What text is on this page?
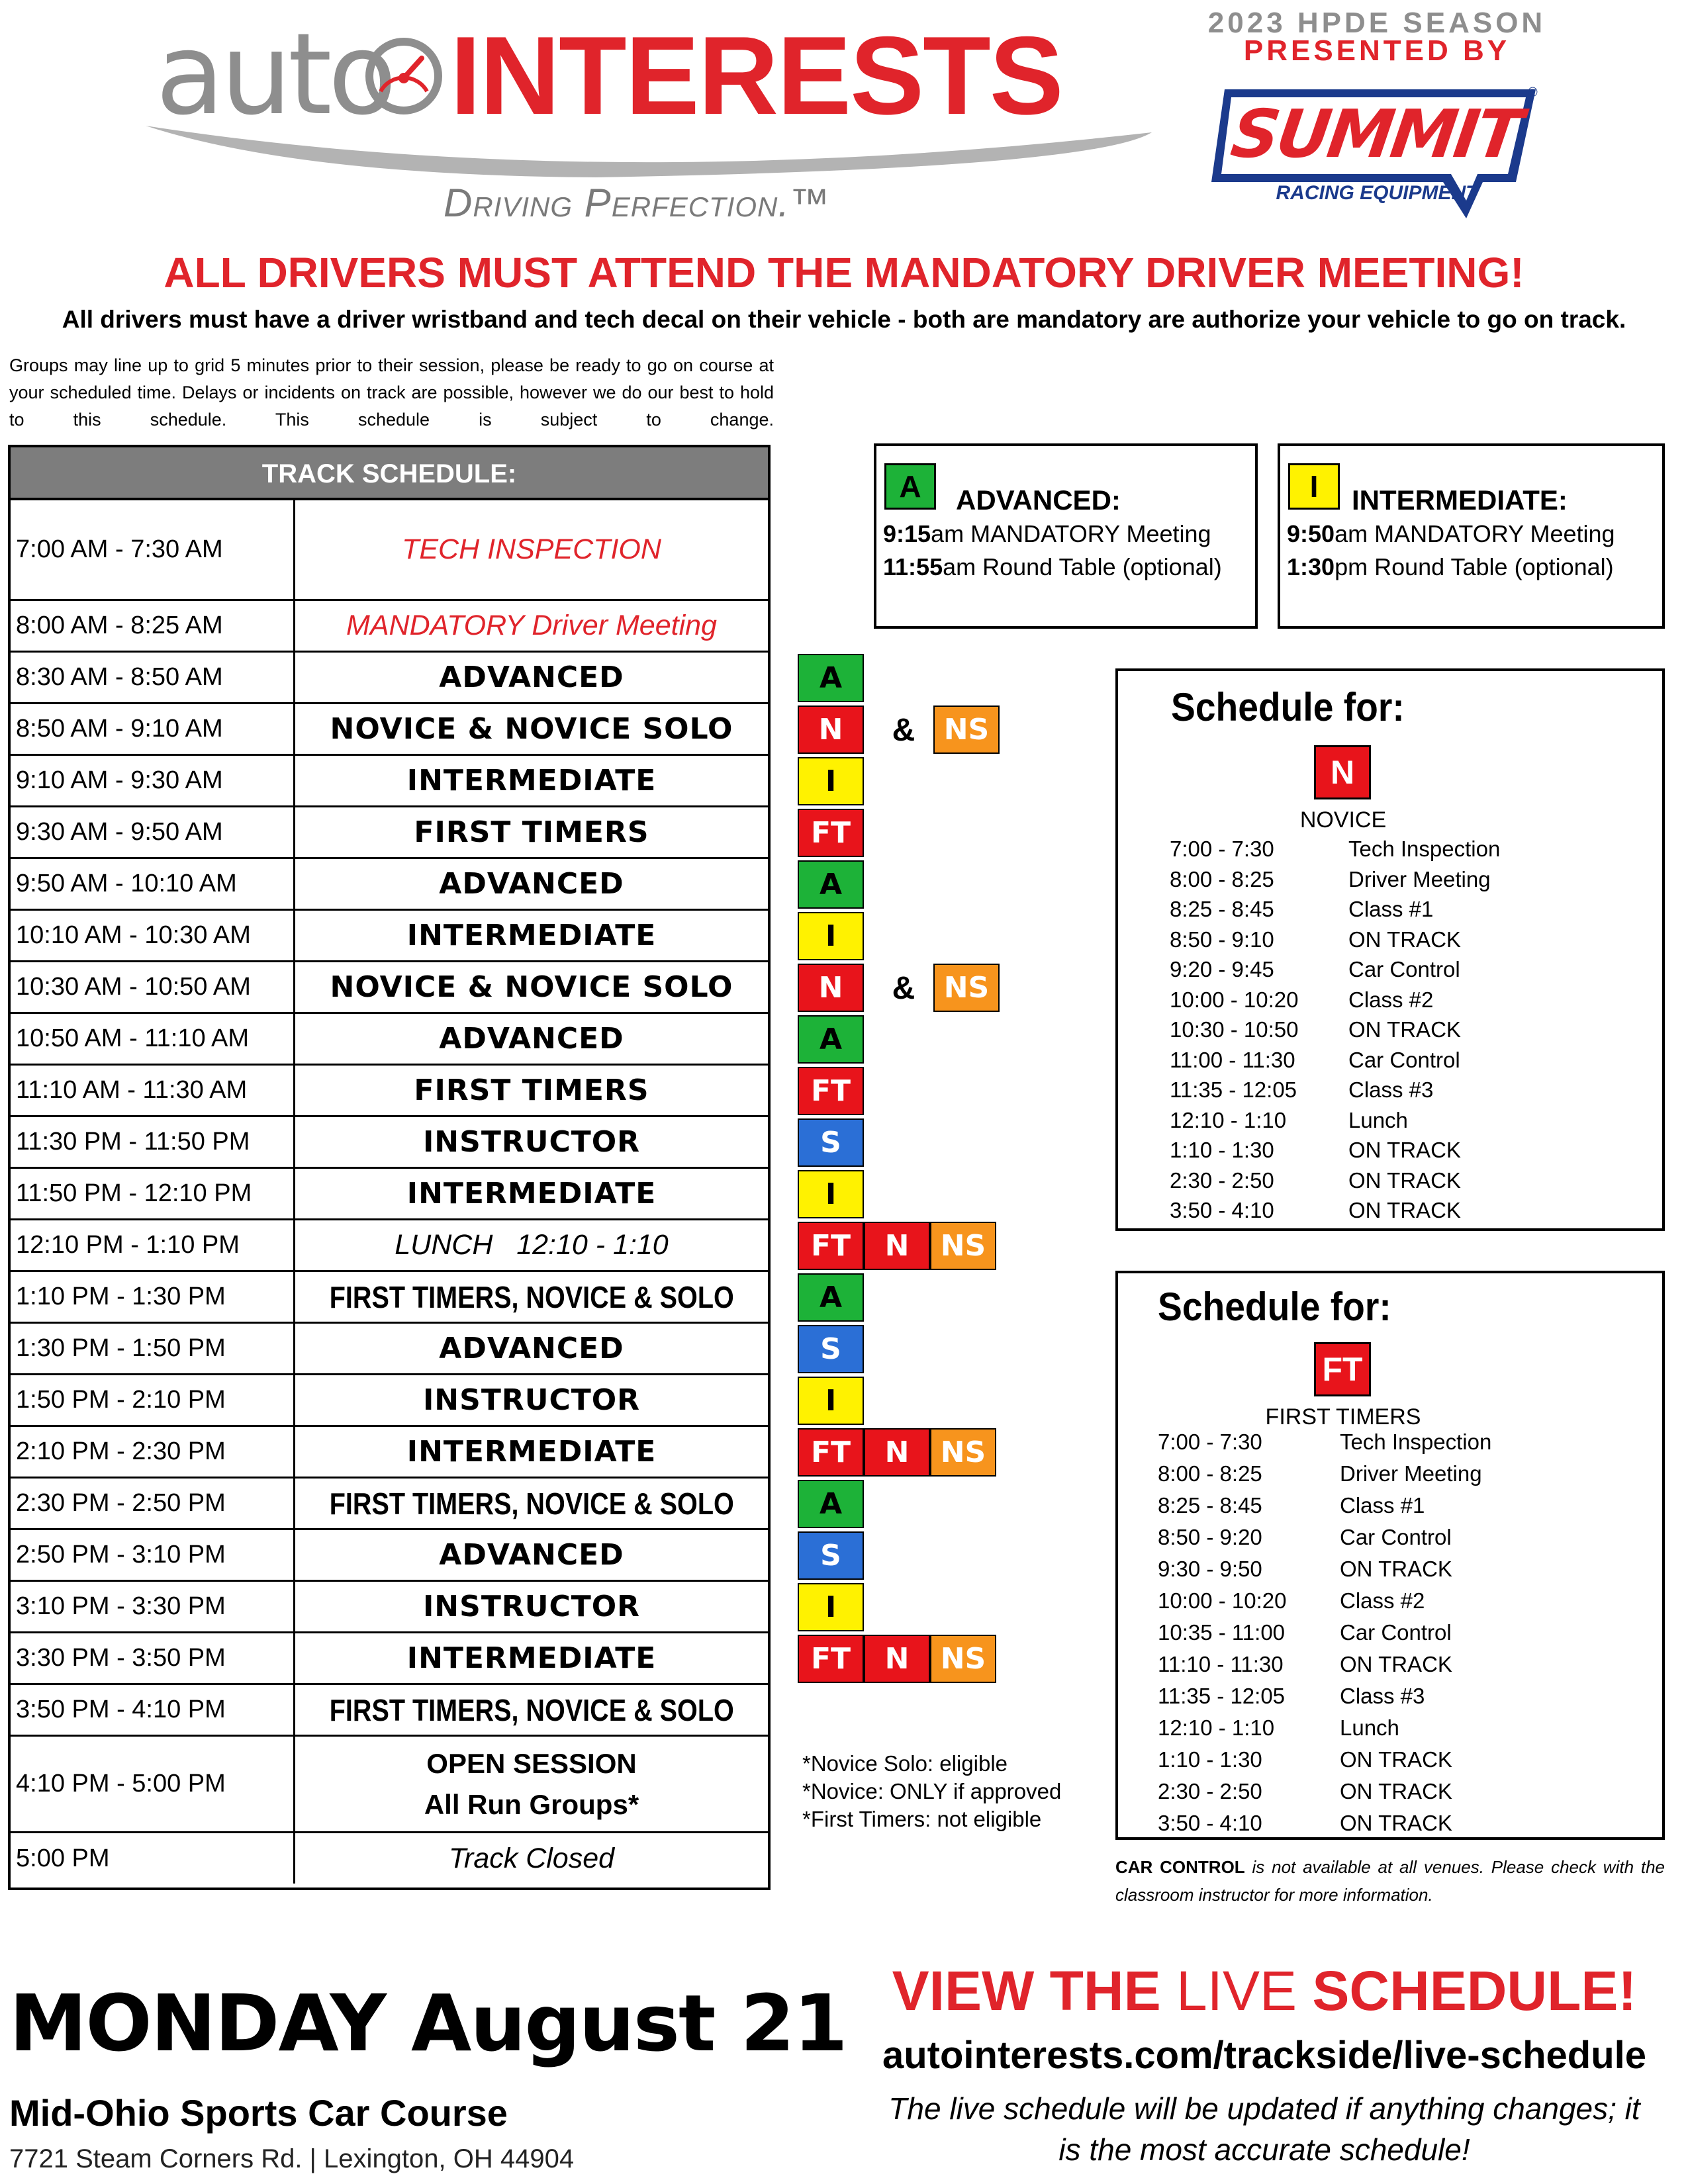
auto INTERESTS
Driving Perfection.™
2023 HPDE SEASON
PRESENTED BY
SUMMIT
®
RACING EQUIPMENT
ALL DRIVERS MUST ATTEND THE MANDATORY DRIVER MEETING!
All drivers must have a driver wristband and tech decal on their vehicle - both are mandatory are authorize your vehicle to go on track.
Groups may line up to grid 5 minutes prior to their session, please be ready to go on course at your scheduled time. Delays or incidents on track are possible, however we do our best to hold to this schedule. This schedule is subject to change.
TRACK SCHEDULE:
7:00 AM - 7:30 AM	TECH INSPECTION
8:00 AM - 8:25 AM	MANDATORY Driver Meeting
8:30 AM - 8:50 AM	ADVANCED
8:50 AM - 9:10 AM	NOVICE & NOVICE SOLO
9:10 AM - 9:30 AM	INTERMEDIATE
9:30 AM - 9:50 AM	FIRST TIMERS
9:50 AM - 10:10 AM	ADVANCED
10:10 AM - 10:30 AM	INTERMEDIATE
10:30 AM - 10:50 AM	NOVICE & NOVICE SOLO
10:50 AM - 11:10 AM	ADVANCED
11:10 AM - 11:30 AM	FIRST TIMERS
11:30 PM - 11:50 PM	INSTRUCTOR
11:50 PM - 12:10 PM	INTERMEDIATE
12:10 PM - 1:10 PM	LUNCH   12:10 - 1:10
1:10 PM - 1:30 PM	FIRST TIMERS, NOVICE & SOLO
1:30 PM - 1:50 PM	ADVANCED
1:50 PM - 2:10 PM	INSTRUCTOR
2:10 PM - 2:30 PM	INTERMEDIATE
2:30 PM - 2:50 PM	FIRST TIMERS, NOVICE & SOLO
2:50 PM - 3:10 PM	ADVANCED
3:10 PM - 3:30 PM	INSTRUCTOR
3:30 PM - 3:50 PM	INTERMEDIATE
3:50 PM - 4:10 PM	FIRST TIMERS, NOVICE & SOLO
4:10 PM - 5:00 PM
OPEN SESSION
All Run Groups*
5:00 PM	Track Closed
A
N	& NS
I
FT
A
I
N	& NS
A
FT
S
I
FT	N	NS
A
S
I
FT	N	NS
A
S
I
FT	N	NS
A	ADVANCED:
9:15am MANDATORY Meeting
11:55am Round Table (optional)
I	INTERMEDIATE:
9:50am MANDATORY Meeting
1:30pm Round Table (optional)
Schedule for:
N
NOVICE
7:00 - 7:30	Tech Inspection
8:00 - 8:25	Driver Meeting
8:25 - 8:45	Class #1
8:50 - 9:10	ON TRACK
9:20 - 9:45	Car Control
10:00 - 10:20 Class #2
10:30 - 10:50 ON TRACK
11:00 - 11:30 Car Control
11:35 - 12:05 Class #3
12:10 - 1:10	Lunch
1:10 - 1:30	ON TRACK
2:30 - 2:50	ON TRACK
3:50 - 4:10	ON TRACK
Schedule for:
FT
FIRST TIMERS
7:00 - 7:30	Tech Inspection
8:00 - 8:25	Driver Meeting
8:25 - 8:45	Class #1
8:50 - 9:20	Car Control
9:30 - 9:50	ON TRACK
10:00 - 10:20 Class #2
10:35 - 11:00	Car Control
11:10 - 11:30	ON TRACK
11:35 - 12:05	Class #3
12:10 - 1:10	Lunch
1:10 - 1:30	ON TRACK
2:30 - 2:50	ON TRACK
3:50 - 4:10	ON TRACK
*Novice Solo: eligible
*Novice: ONLY if approved
*First Timers: not eligible
CAR CONTROL is not available at all venues. Please check with the classroom instructor for more information.
MONDAY August 21
Mid-Ohio Sports Car Course
7721 Steam Corners Rd. | Lexington, OH 44904
VIEW THE LIVE SCHEDULE!
autointerests.com/trackside/live-schedule
The live schedule will be updated if anything changes; it is the most accurate schedule!
